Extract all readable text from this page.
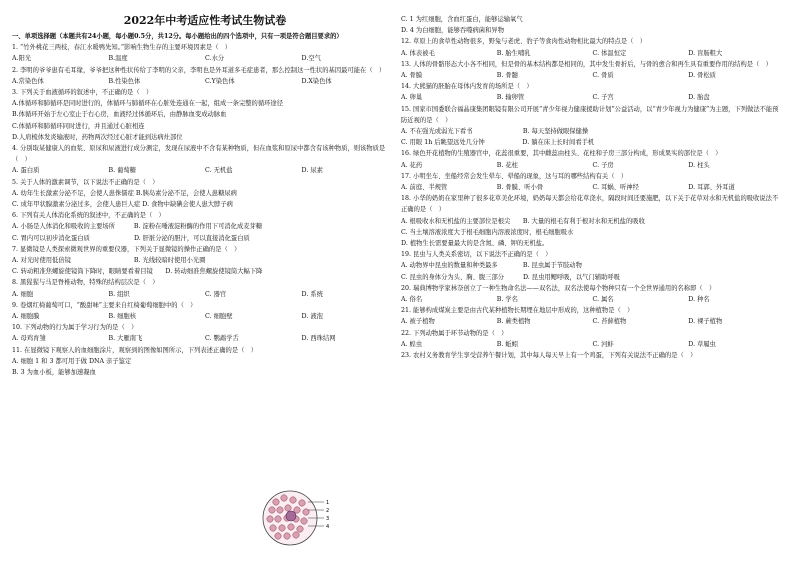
2022年中考适应性考试生物试卷
一、单项选择题（本题共有24小题，每小题0.5分，共12分。每小题给出的四个选项中，只有一项是符合题目要求的）
1. “竹外桃花三两枝，春江水暖鸭先知。”影响生物生存的主要环境因素是（　）
A.阳光	B.温度	C.水分	D.空气
2. 李明的爷爷患有毛耳缘，爷爷把这种性状传给了李明的父亲，李明也是外耳道多毛症患者，那么控制这一性状的基因最可能在（　）
A.常染色体	B.性染色体	C.Y染色体	D.X染色体
3. 下列关于血液循环的叙述中，不正确的是（　）
A.体循环和肺循环是同时进行的，体循环与肺循环在心脏处连通在一起，组成一条完整的循环途径
B.体循环开始于左心室止于右心房，血液经过体循环后，由静脉血变成动脉血
C.体循环和肺循环同时进行，并且通过心脏相连
D.人肩梳体发炎输液时，药物两次经过心脏才能到达病灶部位
4. 分别取某健康人的血浆、原尿和尿液进行成分测定，发现在尿液中不含有某种物质，但在血浆和原尿中都含有该种物质，则该物质是（　）
A. 蛋白质	B. 葡萄糖	C. 无机盐	D. 尿素
5. 关于人体的激素调节，以下说法不正确的是（　）
A. 幼年生长激素分泌不足，会使人患侏儒症 B.胰岛素分泌不足，会使人患糖尿病
C. 成年甲状腺激素分泌过多，会使人患巨人症 D. 食物中缺碘会使人患大脖子病
6. 下列有关人体消化系统的叙述中，不正确的是（　）
A. 小肠是人体消化和吸收的主要场所　　　B. 淀粉在唾液淀粉酶的作用下可消化成麦芽糖
C. 胃内可以初步消化蛋白质　　　　　　　D. 肝脏分泌的胆汁，可以直接消化蛋白质
7. 显微镜是人类探索微观世界的重要仪器，下列关于显微镜的操作正确的是（　）
A. 对光时使用低倍镜　　　　　　　　　　B. 光线较暗时使用小光圈
C. 转动粗准焦螺旋使镜筒下降时，眼睛要看着目镜　　D. 转动细准焦螺旋使镜筒大幅下降
8. 黑猩猩与马是脊椎动物，特殊的结构层次是（　）
A. 细胞	B. 组织	C. 器官	D. 系统
9. 卷烟红椅葡萄可口，“酸甜味”主要来自红椅葡萄细胞中的（　）
A. 细胞膜	B. 细胞核	C. 细胞壁	D. 液泡
10. 下列动物的行为属于学习行为的是（　）
A. 母鸡育雏	B. 大雁南飞	C. 鹦鹉学舌	D. 西珠结网
11. 在显微镜下观察人的血细胞涂片，观察到的图像如图所示，下列表述正确的是（　）
A. 细胞 1 和 3 都可用于做 DNA 亲子鉴定
B. 3 为血小板，能够加速凝血
C. 1 为红细胞，含血红蛋白，能够运输氧气
D. 4 为白细胞，能够吞噬病菌和异物
12. 草原上的食草性动物很多，野兔与老虎、豹子等食肉性动物相比最大的特点是（　）
A. 体表被毛	B. 胎生哺乳	C. 体温恒定	D. 盲肠粗大
13. 人体的骨骼形态大小各不相同，但是骨的基本结构都是相同的，其中发生骨折后，与骨的愈合和再生具有重要作用的结构是（　）
A. 骨膜	B. 骨髓	C. 骨质	D. 骨松质
14. 大熊猫的胚胎在母体内发育的场所是（　）
A. 卵巢	B. 输卵管	C. 子宫	D. 胎盘
15. 国家市国委联合福晶康集团眼镜有限公司开展“青少年视力健康援助计划”公益活动，以“青少年视力为健康”为主题，下列做法不能预防近视的是（　）
A. 不在强光或弱光下看书　　　　　　　　B. 每天坚持做眼保健操
C. 用眼 1h 后眺望远处几分钟　　　　　　D. 躺在床上长时间看手机
16. 绿色开花植物的生殖器官中，花蕊很重要，其中雌蕊由柱头、花柱和子房三部分构成，形成果实的部位是（　）
A. 花药	B. 花柱	C. 子房	D. 柱头
17. 小明坐车、坐船经常会发生晕车、晕船的现象，这与耳的哪些结构有关（　）
A. 前庭、半规管	B. 骨膜、听小骨	C. 耳蜗、听神经	D. 耳郭、外耳道
18. 小华的奶奶在家里种了很多花草美化环境，奶奶每天都会给花草浇水，隔段时间还要施肥，以下关于花草对水和无机盐的吸收说法不正确的是（　）
A. 根吸收水和无机盐的主要部位是根尖　　B. 大量的根毛有利于根对水和无机盐的吸收
C. 当土壤溶液浓度大于根毛细胞内溶液浓度时，根毛细胞吸水
D. 植物生长需要量最大的是含氮、磷、钾的无机盐。
19. 昆虫与人类关系密切，以下说法不正确的是（　）
A. 动物界中昆虫的数量和种类最多　　　　B. 昆虫属于节肢动物
C. 昆虫的身体分为头、胸、腹三部分　　　D. 昆虫用鳃呼吸，以气门辅助呼吸
20. 瑞典博物学家林奈创立了一种生物命名法——双名法，双名法使每个物种只有一个全世界通用的名称即（　）
A. 俗名	B. 学名	C. 属名	D. 种名
21. 能够构成煤炭主要是由古代某种植物长期埋在地层中形成的，这种植物是（　）
A. 被子植物	B. 蕨类植物	C. 苔藓植物	D. 裸子植物
22. 下列动物属于环节动物的是（　）
A. 蝗虫	B. 蚯蚓	C. 河蚌	D. 草履虫
23. 农村义务教育学生享受营养午餐计划，其中每人每天早上有一个鸡蛋，下列有关说法不正确的是（　）
1
2
3
4
